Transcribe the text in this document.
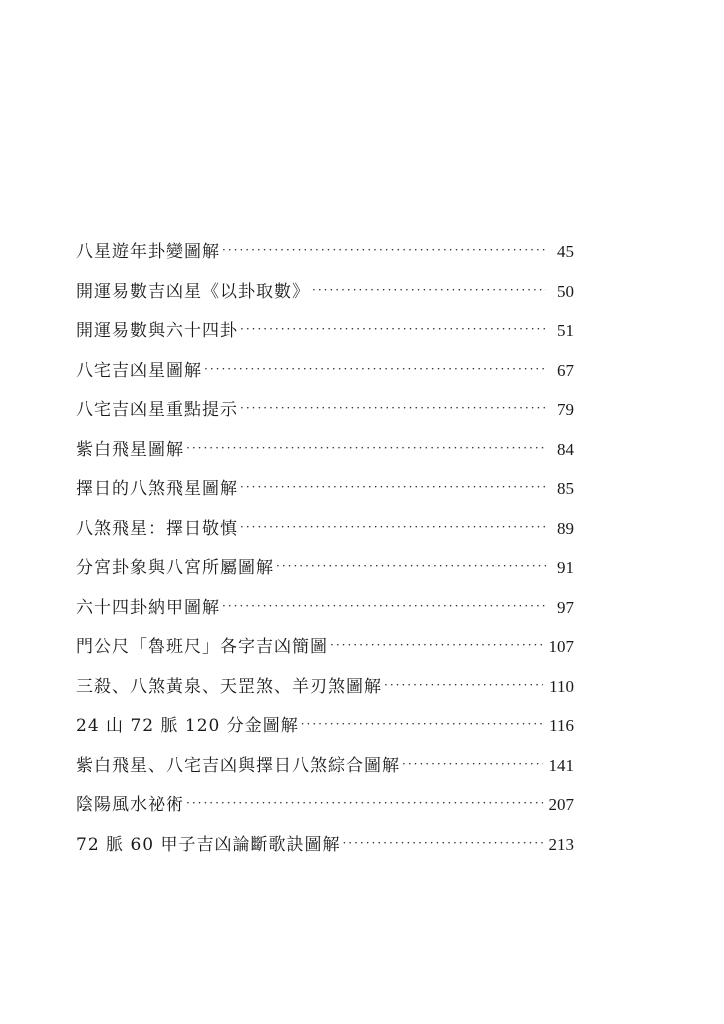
八星遊年卦變圖解 ·····	45
開運易數吉凶星《以卦取數》 ·····	50
開運易數與六十四卦 ·····	51
八宅吉凶星圖解 ·····	67
八宅吉凶星重點提示 ·····	79
紫白飛星圖解 ·····	84
擇日的八煞飛星圖解 ·····	85
八煞飛星：擇日敬慎 ·····	89
分宮卦象與八宮所屬圖解 ·····	91
六十四卦納甲圖解 ·····	97
門公尺「魯班尺」各字吉凶簡圖 ·····	107
三殺、八煞黃泉、天罡煞、羊刃煞圖解 ·····	110
24 山 72 脈 120 分金圖解 ·····	116
紫白飛星、八宅吉凶與擇日八煞綜合圖解 ·····	141
陰陽風水祕術 ·····	207
72 脈 60 甲子吉凶論斷歌訣圖解 ·····	213
